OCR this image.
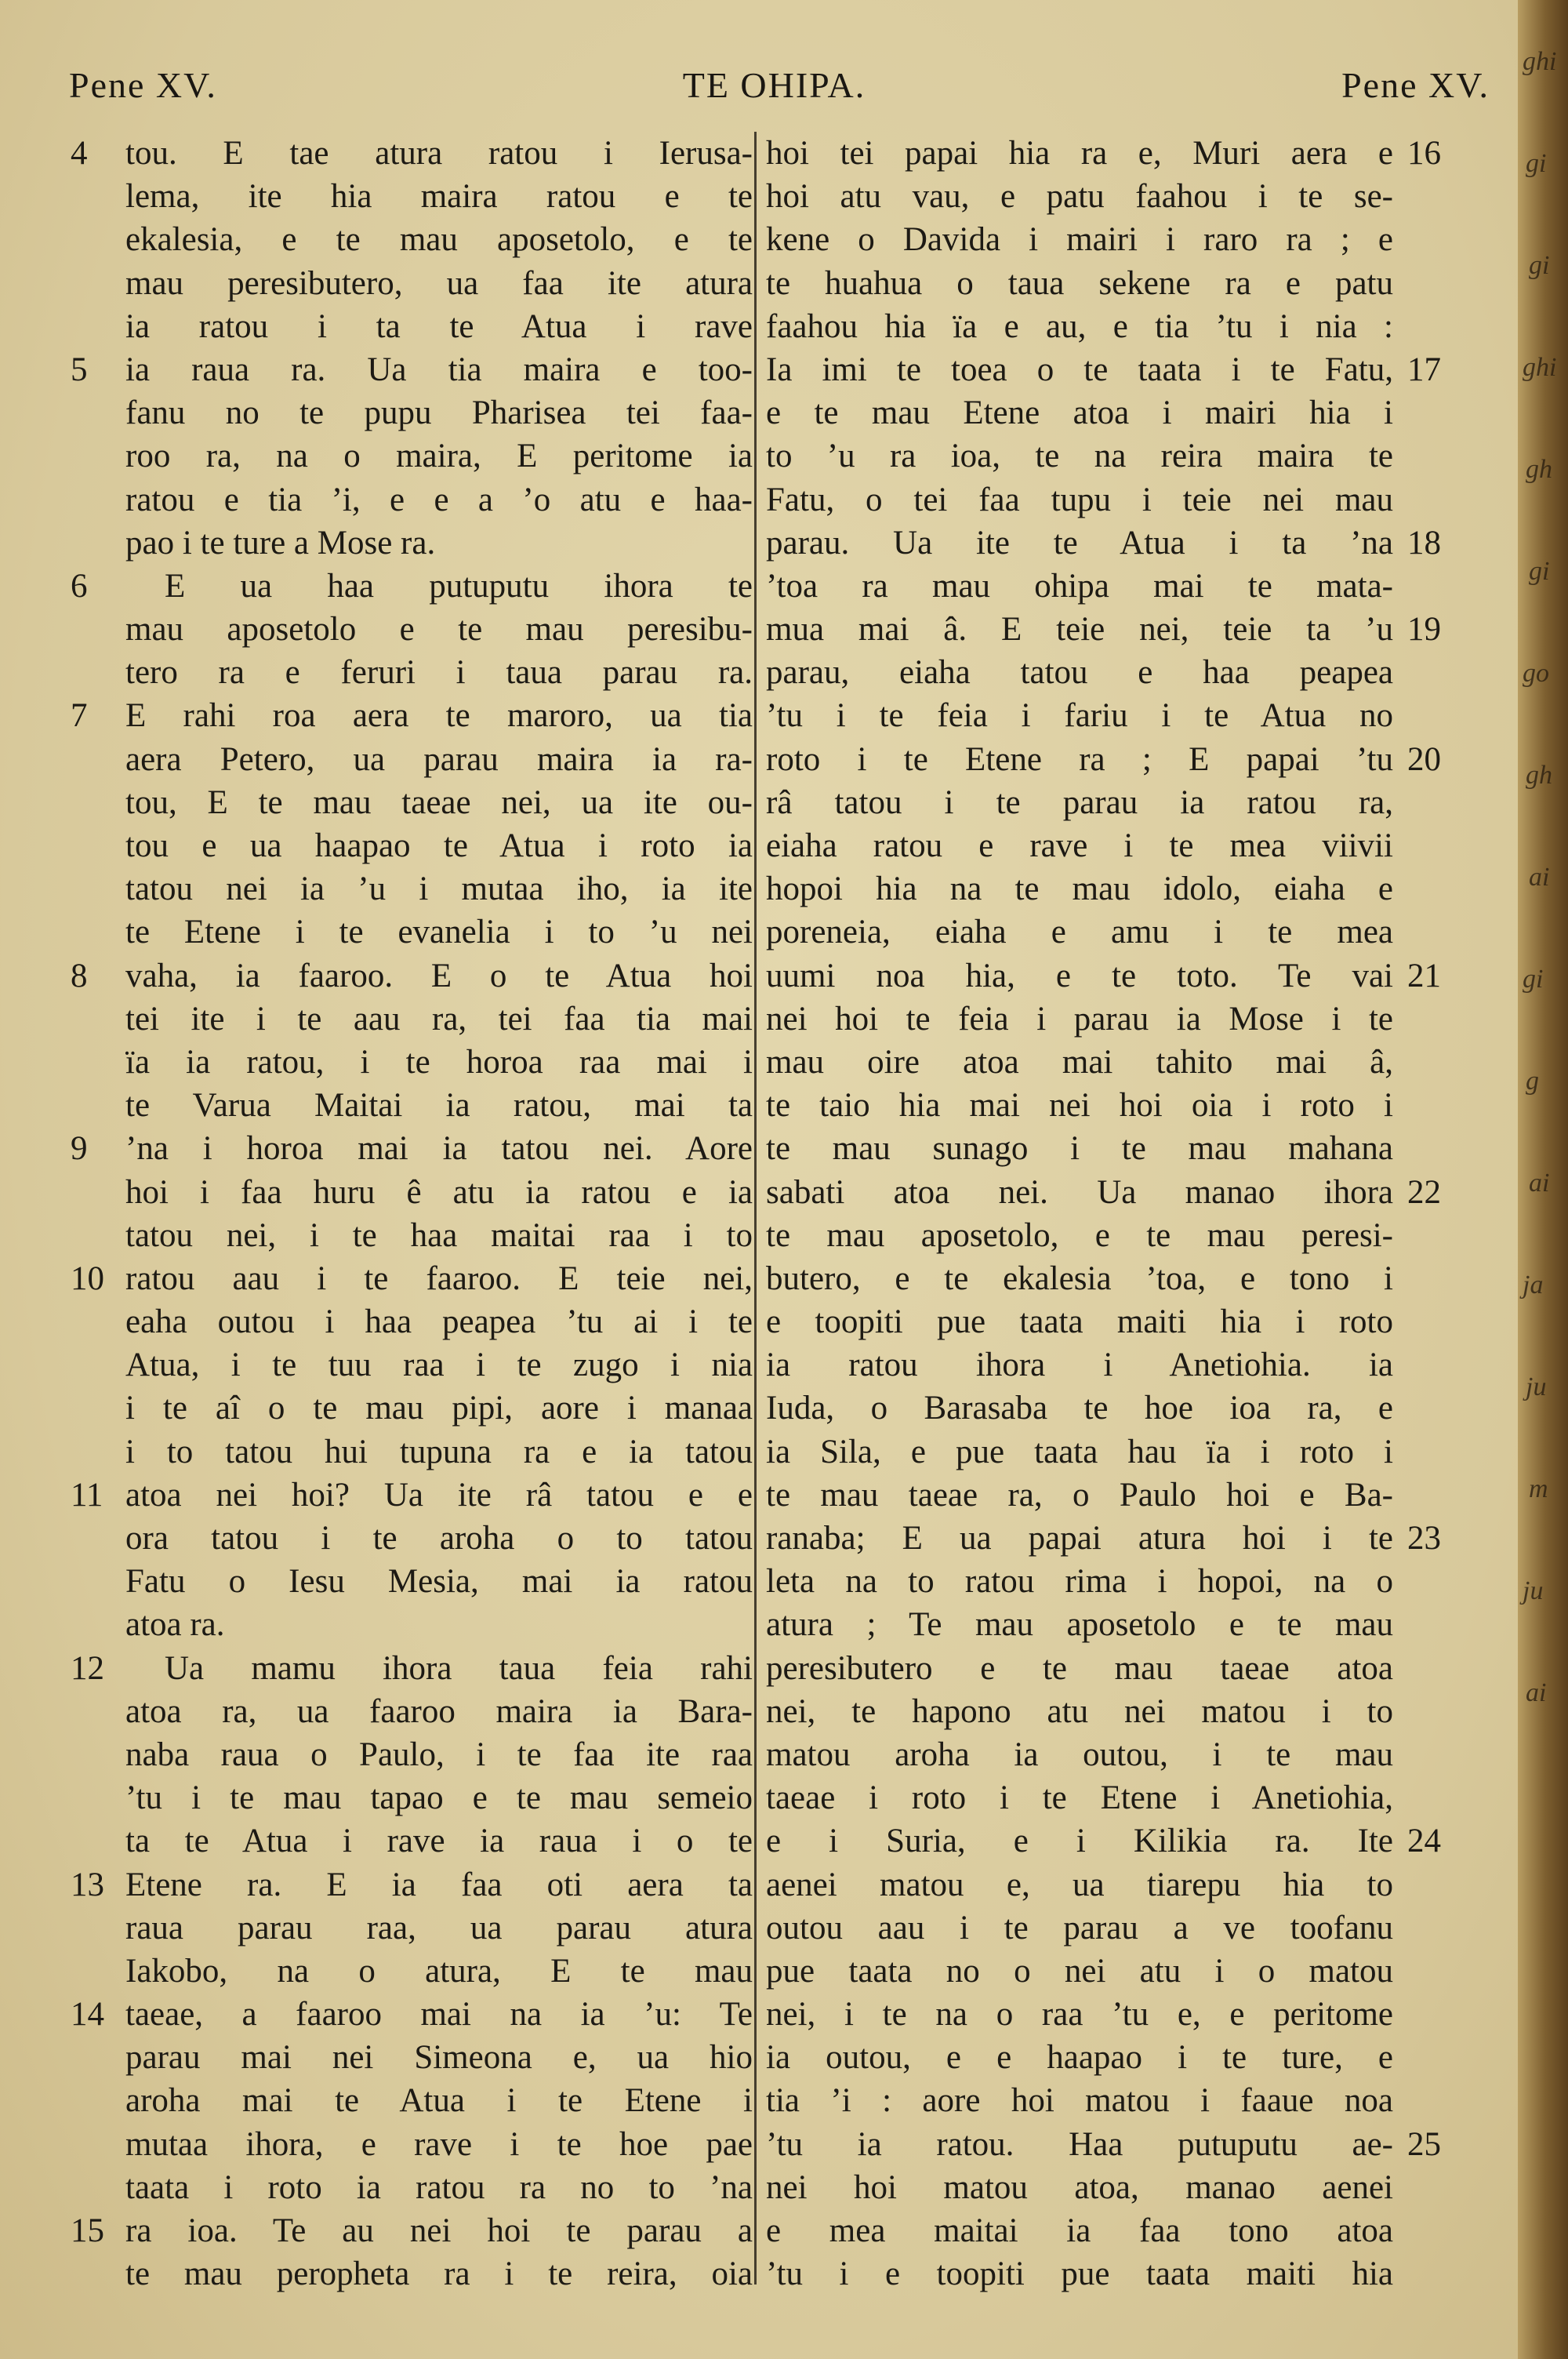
ghi
gi
gi
ghi
gh
gi
go
gh
ai
gi
g
ai
ja
ju
m
ju
ai
Pene XV.	TE OHIPA.	Pene XV.
4	tou. E tae atura ratou i Ierusa-
lema, ite hia maira ratou e te
ekalesia, e te mau aposetolo, e te
mau peresibutero, ua faa ite atura
ia ratou i ta te Atua i rave
5	ia raua ra. Ua tia maira e too-
fanu no te pupu Pharisea tei faa-
roo ra, na o maira, E peritome ia
ratou e tia ’i, e e a ’o atu e haa-
pao i te ture a Mose ra.
6	E ua haa putuputu ihora te
mau aposetolo e te mau peresibu-
tero ra e feruri i taua parau ra.
7	E rahi roa aera te maroro, ua tia
aera Petero, ua parau maira ia ra-
tou, E te mau taeae nei, ua ite ou-
tou e ua haapao te Atua i roto ia
tatou nei ia ’u i mutaa iho, ia ite
te Etene i te evanelia i to ’u nei
8	vaha, ia faaroo. E o te Atua hoi
tei ite i te aau ra, tei faa tia mai
ïa ia ratou, i te horoa raa mai i
te Varua Maitai ia ratou, mai ta
9	’na i horoa mai ia tatou nei. Aore
hoi i faa huru ê atu ia ratou e ia
tatou nei, i te haa maitai raa i to
10 ratou aau i te faaroo. E teie nei,
eaha outou i haa peapea ’tu ai i te
Atua, i te tuu raa i te zugo i nia
i te aî o te mau pipi, aore i manaa
i to tatou hui tupuna ra e ia tatou
11 atoa nei hoi? Ua ite râ tatou e e
ora tatou i te aroha o to tatou
Fatu o Iesu Mesia, mai ia ratou
atoa ra.
12	Ua mamu ihora taua feia rahi
atoa ra, ua faaroo maira ia Bara-
naba raua o Paulo, i te faa ite raa
’tu i te mau tapao e te mau semeio
ta te Atua i rave ia raua i o te
13 Etene ra. E ia faa oti aera ta
raua parau raa, ua parau atura
Iakobo, na o atura, E te mau
14 taeae, a faaroo mai na ia ’u: Te
parau mai nei Simeona e, ua hio
aroha mai te Atua i te Etene i
mutaa ihora, e rave i te hoe pae
taata i roto ia ratou ra no to ’na
15 ra ioa. Te au nei hoi te parau a
te mau peropheta ra i te reira, oia
16
hoi tei papai hia ra e, Muri aera e
hoi atu vau, e patu faahou i te se-
kene o Davida i mairi i raro ra ; e
te huahua o taua sekene ra e patu
faahou hia ïa e au, e tia ’tu i nia :
17
Ia imi te toea o te taata i te Fatu,
e te mau Etene atoa i mairi hia i
to ’u ra ioa, te na reira maira te
Fatu, o tei faa tupu i teie nei mau
18
parau. Ua ite te Atua i ta ’na
’toa ra mau ohipa mai te mata-
19
mua mai â. E teie nei, teie ta ’u
parau, eiaha tatou e haa peapea
’tu i te feia i fariu i te Atua no
20
roto i te Etene ra ; E papai ’tu
râ tatou i te parau ia ratou ra,
eiaha ratou e rave i te mea viivii
hopoi hia na te mau idolo, eiaha e
poreneia, eiaha e amu i te mea
21
uumi noa hia, e te toto. Te vai
nei hoi te feia i parau ia Mose i te
mau oire atoa mai tahito mai â,
te taio hia mai nei hoi oia i roto i
te mau sunago i te mau mahana
22
sabati atoa nei. Ua manao ihora
te mau aposetolo, e te mau peresi-
butero, e te ekalesia ’toa, e tono i
e toopiti pue taata maiti hia i roto
ia ratou ihora i Anetiohia. ia
Iuda, o Barasaba te hoe ioa ra, e
ia Sila, e pue taata hau ïa i roto i
te mau taeae ra, o Paulo hoi e Ba-
23
ranaba; E ua papai atura hoi i te
leta na to ratou rima i hopoi, na o
atura ; Te mau aposetolo e te mau
peresibutero e te mau taeae atoa
nei, te hapono atu nei matou i to
matou aroha ia outou, i te mau
taeae i roto i te Etene i Anetiohia,
24
e i Suria, e i Kilikia ra. Ite
aenei matou e, ua tiarepu hia to
outou aau i te parau a ve toofanu
pue taata no o nei atu i o matou
nei, i te na o raa ’tu e, e peritome
ia outou, e e haapao i te ture, e
tia ’i : aore hoi matou i faaue noa
25
’tu ia ratou. Haa putuputu ae-
nei hoi matou atoa, manao aenei
e mea maitai ia faa tono atoa
’tu i e toopiti pue taata maiti hia
